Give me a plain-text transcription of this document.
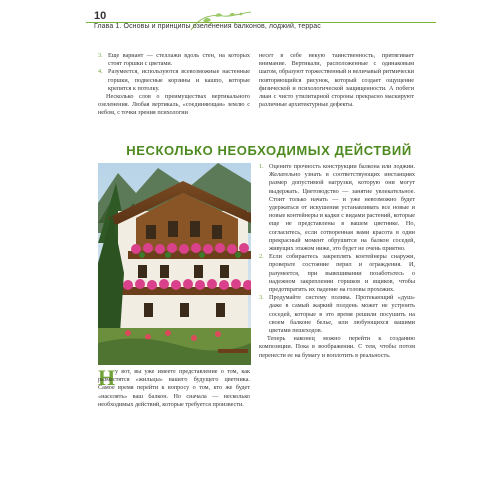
10
Глава 1. Основы и принципы озеленения балконов, лоджий, террас
3. Еще вариант — стеллажи вдоль стен, на которых стоят горшки с цветами.
4. Разумеется, используются всевозможные настенные горшки, подвесные корзины и кашпо, которые крепятся к потолку.

Несколько слов о преимуществах вертикального озеленения. Любая вертикаль, «соединяющая» землю с небом, с точки зрения психологии

несет в себе некую таинственность, притягивает внимание. Вертикали, расположенные с одинаковым шагом, образуют торжественный и величавый ритмически повторяющийся рисунок, который создает ощущение физической и психологической защищенности. А побеги лиан с чисто утилитарной стороны прекрасно маскируют различные архитектурные дефекты.

НЕСКОЛЬКО НЕОБХОДИМЫХ ДЕЙСТВИЙ
Н у вот, вы уже имеете представление о том, как разместятся «жильцы» вашего будущего цветника. Самое время перейти к вопросу о том, кто же будет «населять» ваш балкон. Но сначала — несколько необходимых действий, которые требуется произвести.

1. Оцените прочность конструкции балкона или лоджии. Желательно узнать в соответствующих инстанциях размер допустимой нагрузки, которую они могут выдержать. Цветоводство — занятие увлекательное. Стоит только начать — и уже невозможно будет удержаться от искушения устанавливать все новые и новые контейнеры и кадки с видами растений, которые еще не представлены в вашем цветнике. Но, согласитесь, если сотворенная вами красота в один прекрасный момент обрушится на балкон соседей, живущих этажом ниже, это будет не очень приятно.
2. Если собираетесь закреплять контейнеры снаружи, проверьте состояние перил и ограждения. И, разумеется, при вывешивании позаботьтесь о надежном закреплении горшков и ящиков, чтобы предотвратить их падение на головы прохожих.
3. Продумайте систему полива. Протекающий «душ» даже в самый жаркий полдень может не устроить соседей, которые в это время решили посушить на своем балконе белье, или любующихся вашими цветами пешеходов.

Теперь наконец можно перейти к созданию композиции. Пока в воображении. С тем, чтобы потом перенести ее на бумагу и воплотить в реальность.
